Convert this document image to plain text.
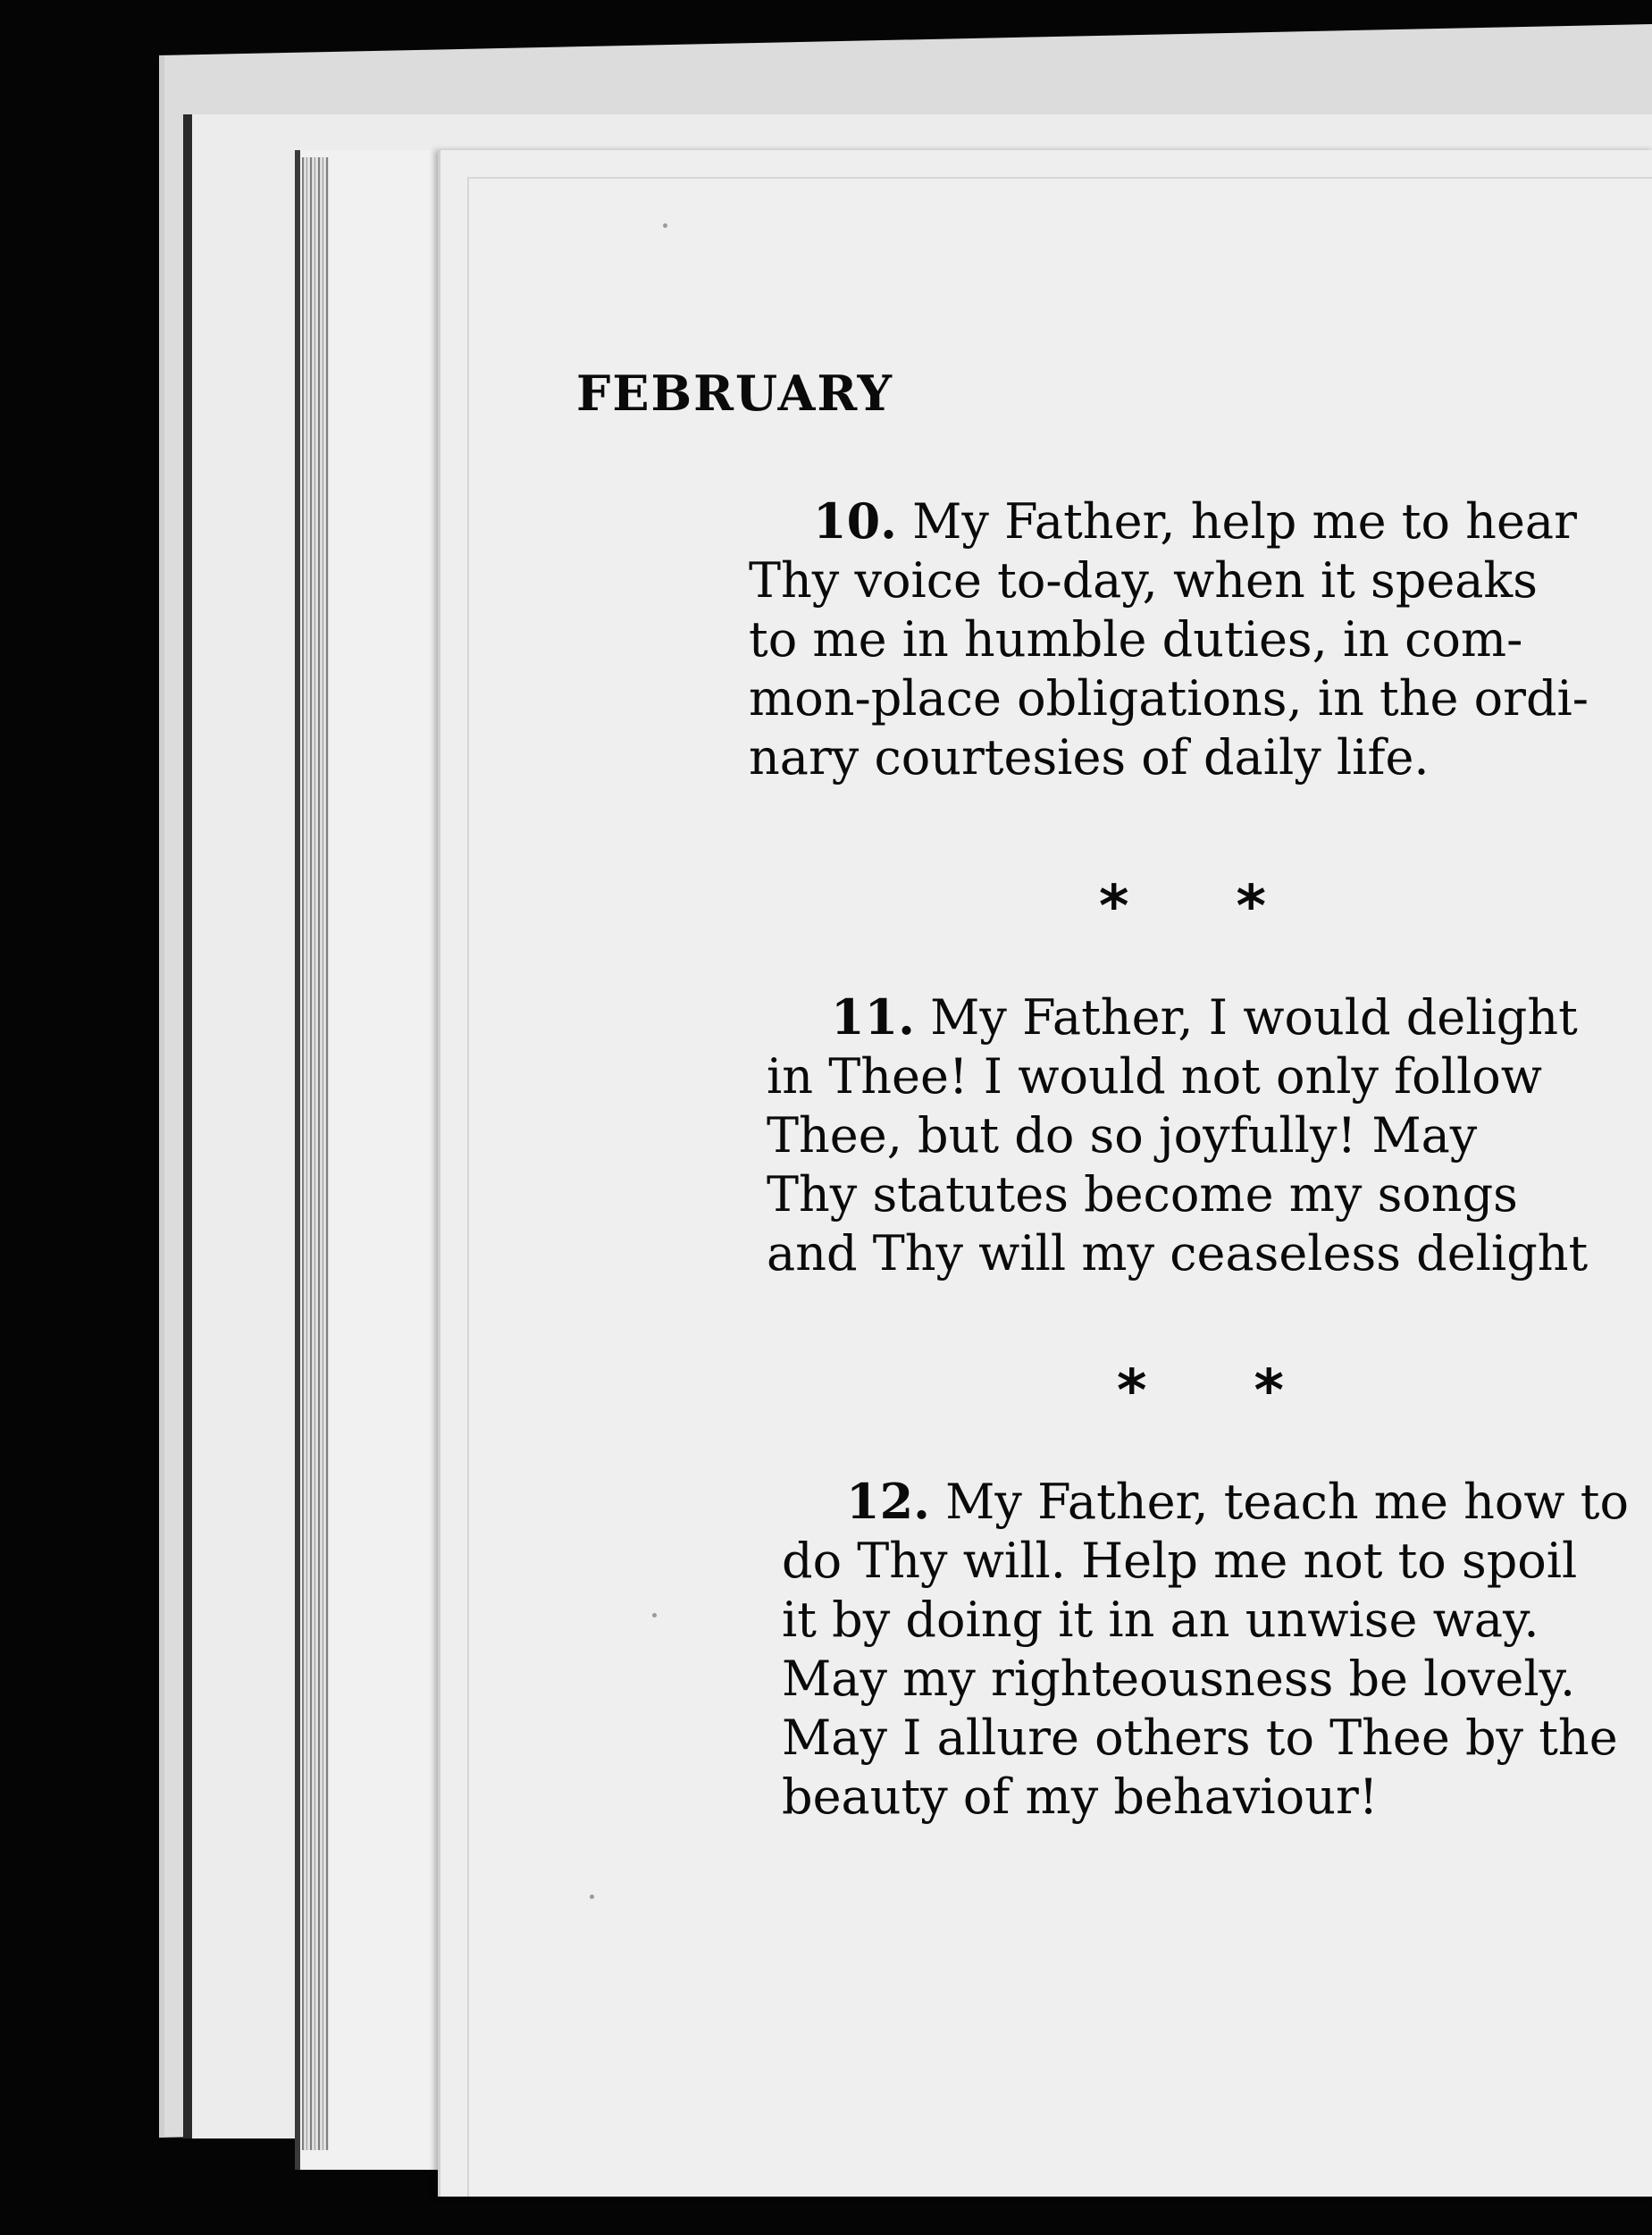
FEBRUARY
10. My Father, help me to hear
Thy voice to-day, when it speaks
to me in humble duties, in com-
mon-place obligations, in the ordi-
nary courtesies of daily life.
* *
11. My Father, I would delight
in Thee! I would not only follow
Thee, but do so joyfully! May
Thy statutes become my songs
and Thy will my ceaseless delight
* *
12. My Father, teach me how to
do Thy will. Help me not to spoil
it by doing it in an unwise way.
May my righteousness be lovely.
May I allure others to Thee by the
beauty of my behaviour!
